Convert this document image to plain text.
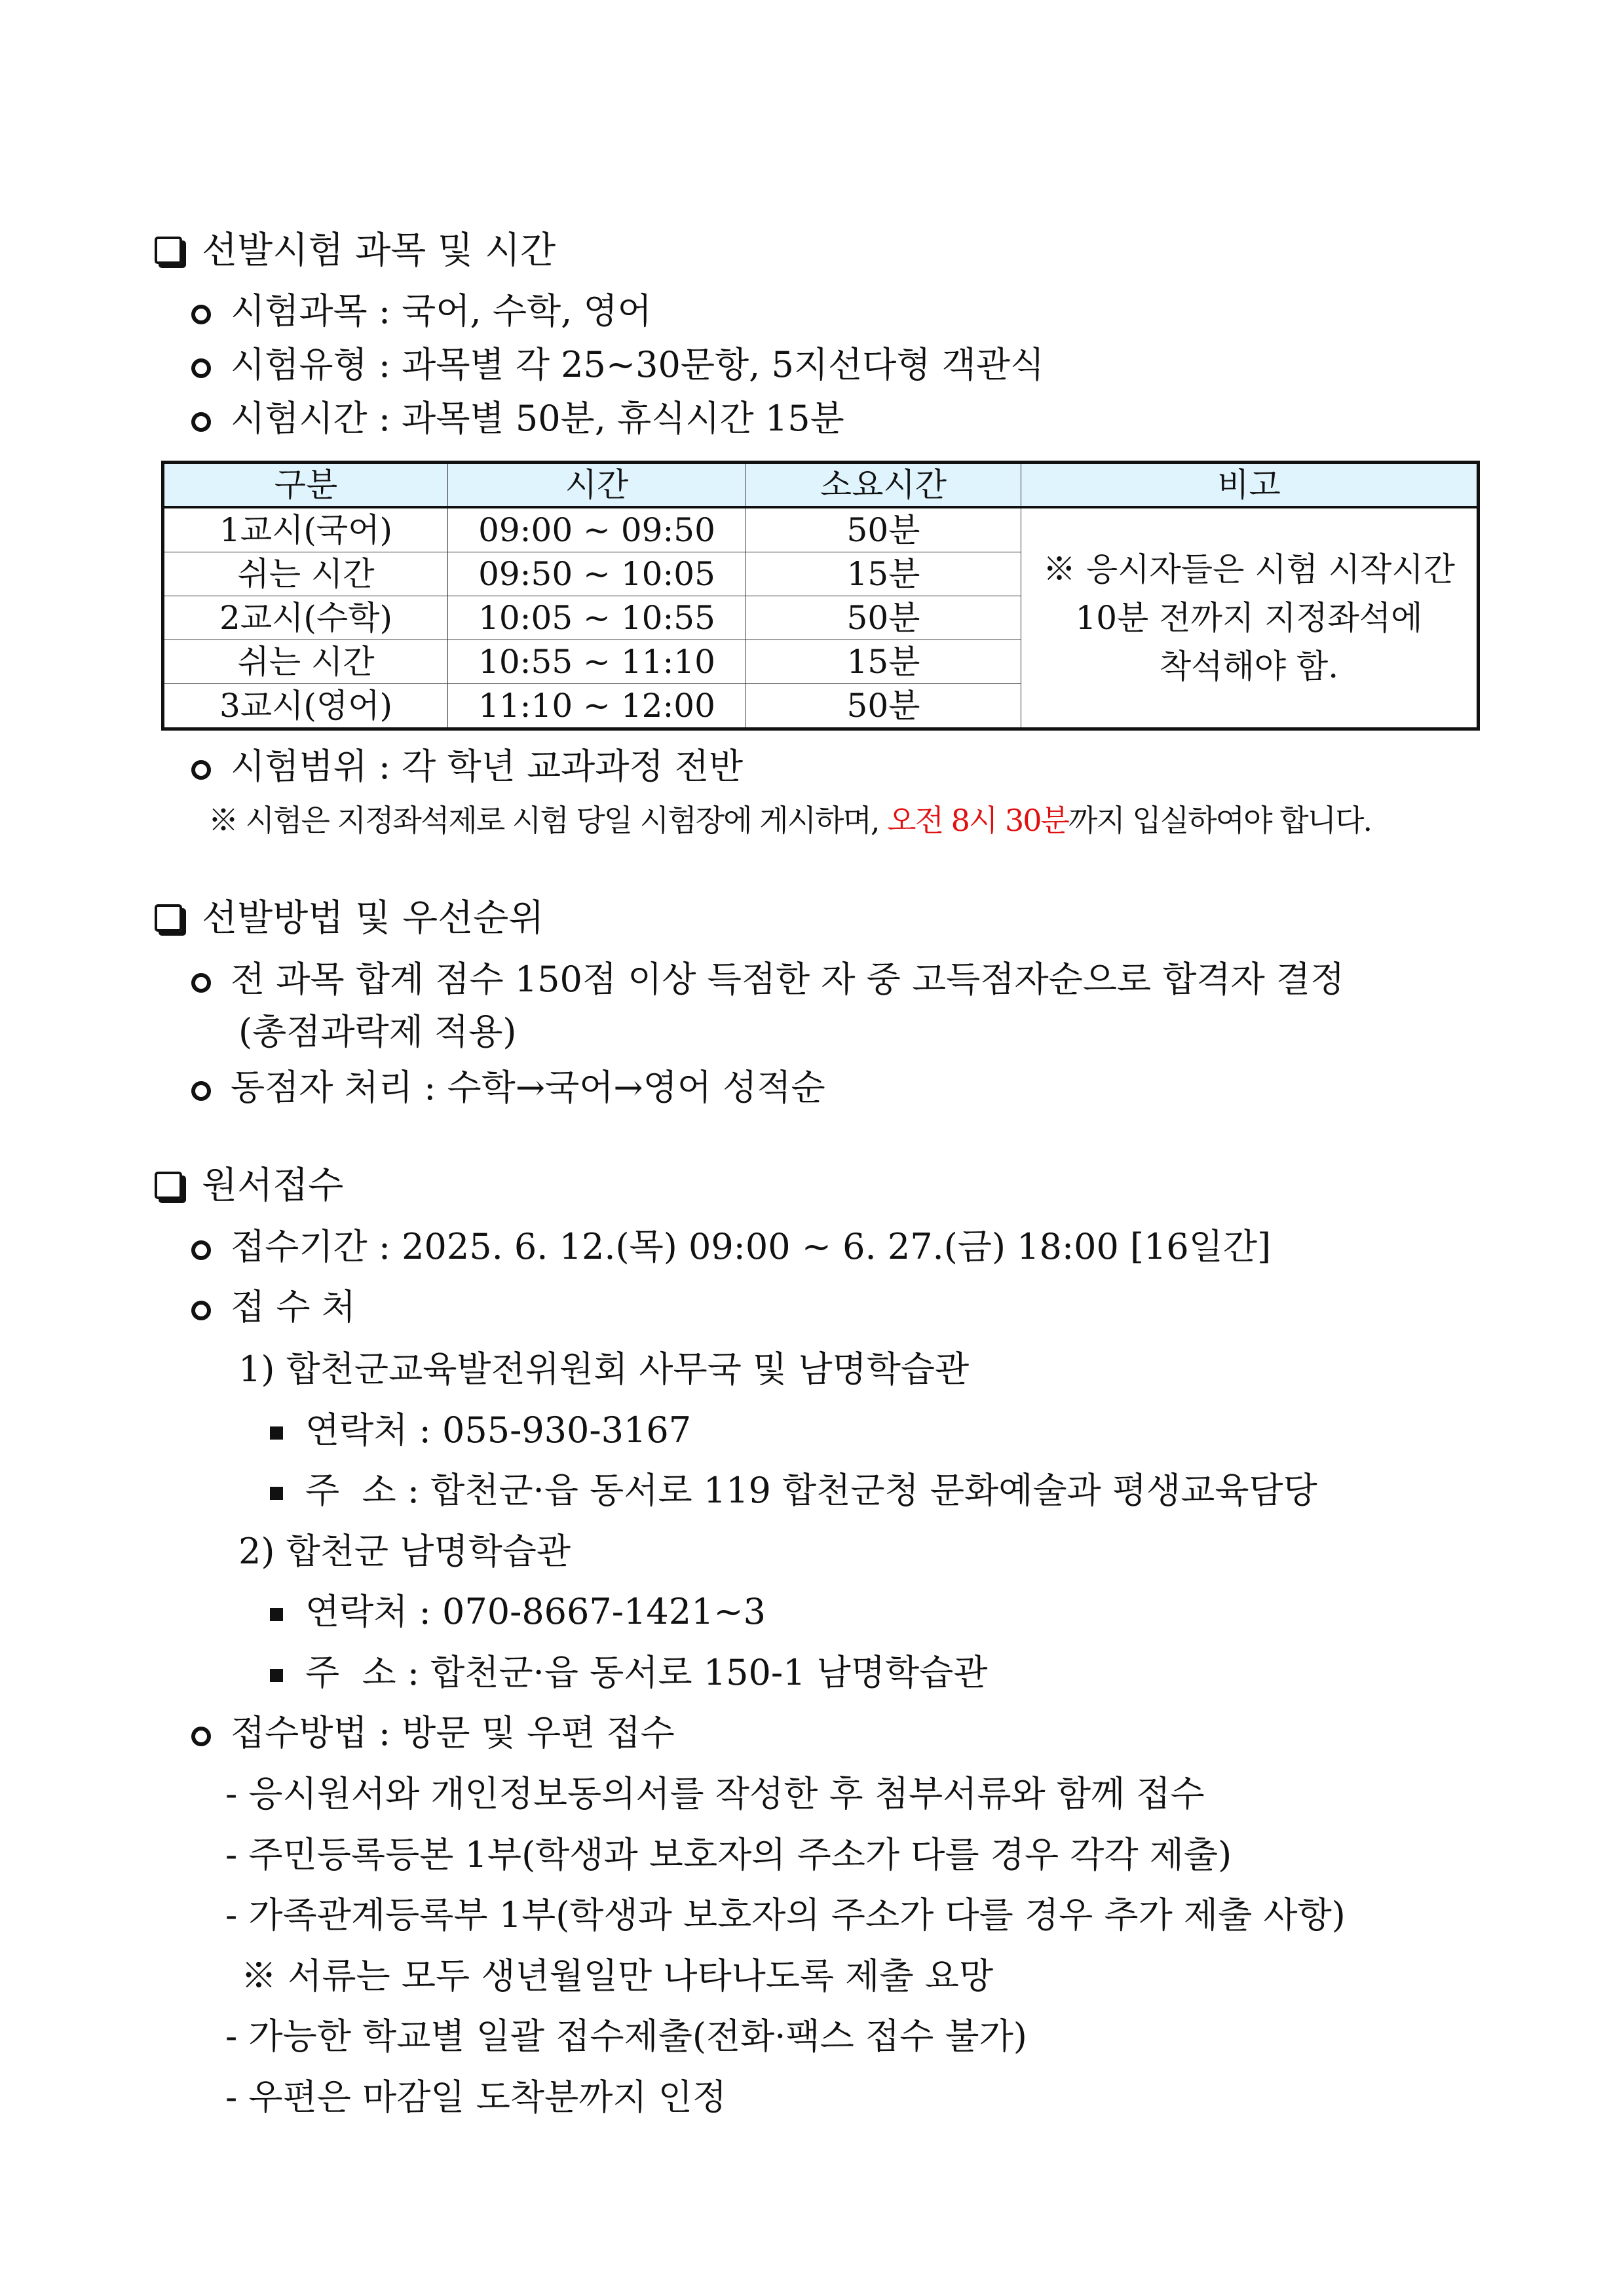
선발시험 과목 및 시간
시험과목 : 국어, 수학, 영어
시험유형 : 과목별 각 25~30문항, 5지선다형 객관식
시험시간 : 과목별 50분, 휴식시간 15분
구분	시간	소요시간	비고
1교시(국어)	09:00 ~ 09:50	50분	※ 응시자들은 시험 시작시간
10분 전까지 지정좌석에
착석해야 함.

쉬는 시간	09:50 ~ 10:05	15분	
2교시(수학)	10:05 ~ 10:55	50분	
쉬는 시간	10:55 ~ 11:10	15분	
3교시(영어)	11:10 ~ 12:00	50분	
시험범위 : 각 학년 교과과정 전반
※ 시험은 지정좌석제로 시험 당일 시험장에 게시하며, 오전 8시 30분까지 입실하여야 합니다.
선발방법 및 우선순위
전 과목 합계 점수 150점 이상 득점한 자 중 고득점자순으로 합격자 결정
(총점과락제 적용)
동점자 처리 : 수학→국어→영어 성적순
원서접수
접수기간 : 2025. 6. 12.(목) 09:00 ~ 6. 27.(금) 18:00 [16일간]
접 수 처
1) 합천군교육발전위원회 사무국 및 남명학습관
연락처 : 055-930-3167
주  소 : 합천군·읍 동서로 119 합천군청 문화예술과 평생교육담당
2) 합천군 남명학습관
연락처 : 070-8667-1421~3
주  소 : 합천군·읍 동서로 150-1 남명학습관
접수방법 : 방문 및 우편 접수
- 응시원서와 개인정보동의서를 작성한 후 첨부서류와 함께 접수
- 주민등록등본 1부(학생과 보호자의 주소가 다를 경우 각각 제출)
- 가족관계등록부 1부(학생과 보호자의 주소가 다를 경우 추가 제출 사항)
※ 서류는 모두 생년월일만 나타나도록 제출 요망
- 가능한 학교별 일괄 접수제출(전화·팩스 접수 불가)
- 우편은 마감일 도착분까지 인정
